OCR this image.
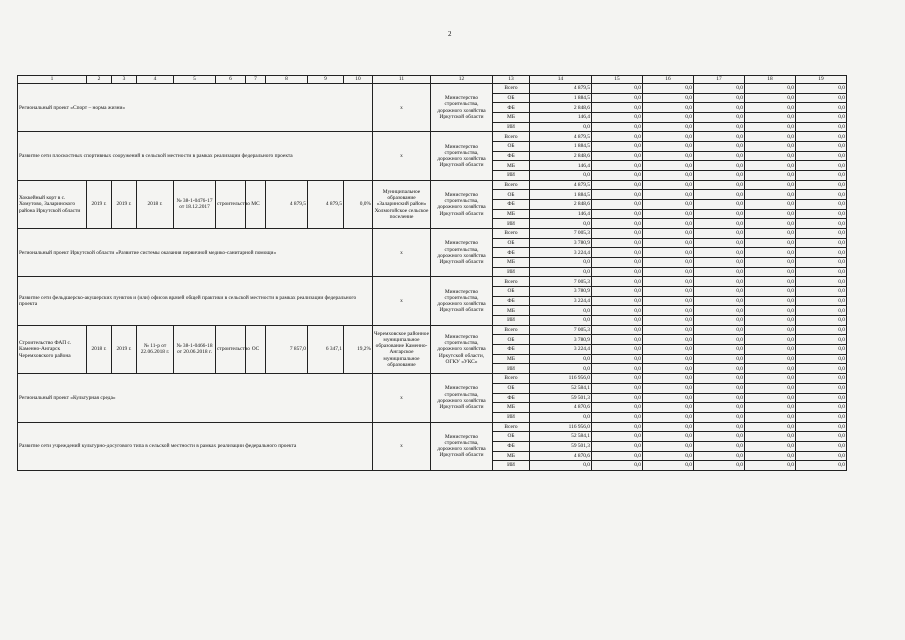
2
1	2	3	4	5	6	7	8	9	10	11	12	13	14	15	16	17	18	19
Региональный проект «Спорт – норма жизни»										х	Министерство строительства, дорожного хозяйства Иркутской области	Всего	4 879,5	0,0	0,0	0,0	0,0	0,0
												ОБ	1 884,5	0,0	0,0	0,0	0,0	0,0
												ФБ	2 848,6	0,0	0,0	0,0	0,0	0,0
												МБ	146,4	0,0	0,0	0,0	0,0	0,0
												ИИ	0,0	0,0	0,0	0,0	0,0	0,0
Развитие сети плоскостных спортивных сооружений в сельской местности в рамках реализации федерального проекта										х	Министерство строительства, дорожного хозяйства Иркутской области	Всего	4 879,5	0,0	0,0	0,0	0,0	0,0
												ОБ	1 884,5	0,0	0,0	0,0	0,0	0,0
												ФБ	2 848,6	0,0	0,0	0,0	0,0	0,0
												МБ	146,4	0,0	0,0	0,0	0,0	0,0
												ИИ	0,0	0,0	0,0	0,0	0,0	0,0
Хоккейный корт в с. Хомутово, Заларинского района Иркутской области	2019 г.	2019 г.	2018 г.	№ 38-1-0476-17 от 18.12.2017	строительство	МС	4 879,5	4 879,5	0,0%	Муниципальное образование «Заларинский район» Холмогойское сельское поселение	Министерство строительства, дорожного хозяйства Иркутской области	Всего	4 879,5	0,0	0,0	0,0	0,0	0,0
												ОБ	1 884,5	0,0	0,0	0,0	0,0	0,0
												ФБ	2 848,6	0,0	0,0	0,0	0,0	0,0
												МБ	146,4	0,0	0,0	0,0	0,0	0,0
												ИИ	0,0	0,0	0,0	0,0	0,0	0,0
Региональный проект Иркутской области «Развитие системы оказания первичной медико-санитарной помощи»										х	Министерство строительства, дорожного хозяйства Иркутской области	Всего	7 005,3	0,0	0,0	0,0	0,0	0,0
												ОБ	3 780,9	0,0	0,0	0,0	0,0	0,0
												ФБ	3 224,4	0,0	0,0	0,0	0,0	0,0
												МБ	0,0	0,0	0,0	0,0	0,0	0,0
												ИИ	0,0	0,0	0,0	0,0	0,0	0,0
Развитие сети фельдшерско-акушерских пунктов и (или) офисов врачей общей практики в сельской местности в рамках реализации федерального проекта										х	Министерство строительства, дорожного хозяйства Иркутской области	Всего	7 005,3	0,0	0,0	0,0	0,0	0,0
												ОБ	3 780,9	0,0	0,0	0,0	0,0	0,0
												ФБ	3 224,4	0,0	0,0	0,0	0,0	0,0
												МБ	0,0	0,0	0,0	0,0	0,0	0,0
												ИИ	0,0	0,0	0,0	0,0	0,0	0,0
Строительство ФАП с. Каменно-Ангарск Черемховского района	2018 г.	2019 г.	№ 11-р от 22.06.2018 г.	№ 38-1-0466-18 от 20.06.2018 г.	строительство	ОС	7 857,0	6 347,1	19,2%	Черемховское районное муниципальное образование Каменно-Ангарское муниципальное образование	Министерство строительства, дорожного хозяйства Иркутской области, ОГКУ «УКС»	Всего	7 005,3	0,0	0,0	0,0	0,0	0,0
												ОБ	3 780,9	0,0	0,0	0,0	0,0	0,0
												ФБ	3 224,4	0,0	0,0	0,0	0,0	0,0
												МБ	0,0	0,0	0,0	0,0	0,0	0,0
												ИИ	0,0	0,0	0,0	0,0	0,0	0,0
Региональный проект «Культурная среда»										х	Министерство строительства, дорожного хозяйства Иркутской области	Всего	116 956,0	0,0	0,0	0,0	0,0	0,0
												ОБ	52 584,1	0,0	0,0	0,0	0,0	0,0
												ФБ	59 501,3	0,0	0,0	0,0	0,0	0,0
												МБ	4 870,6	0,0	0,0	0,0	0,0	0,0
												ИИ	0,0	0,0	0,0	0,0	0,0	0,0
Развитие сети учреждений культурно-досугового типа в сельской местности в рамках реализации федерального проекта										х	Министерство строительства, дорожного хозяйства Иркутской области	Всего	116 956,0	0,0	0,0	0,0	0,0	0,0
												ОБ	52 584,1	0,0	0,0	0,0	0,0	0,0
												ФБ	59 501,3	0,0	0,0	0,0	0,0	0,0
												МБ	4 870,6	0,0	0,0	0,0	0,0	0,0
												ИИ	0,0	0,0	0,0	0,0	0,0	0,0
